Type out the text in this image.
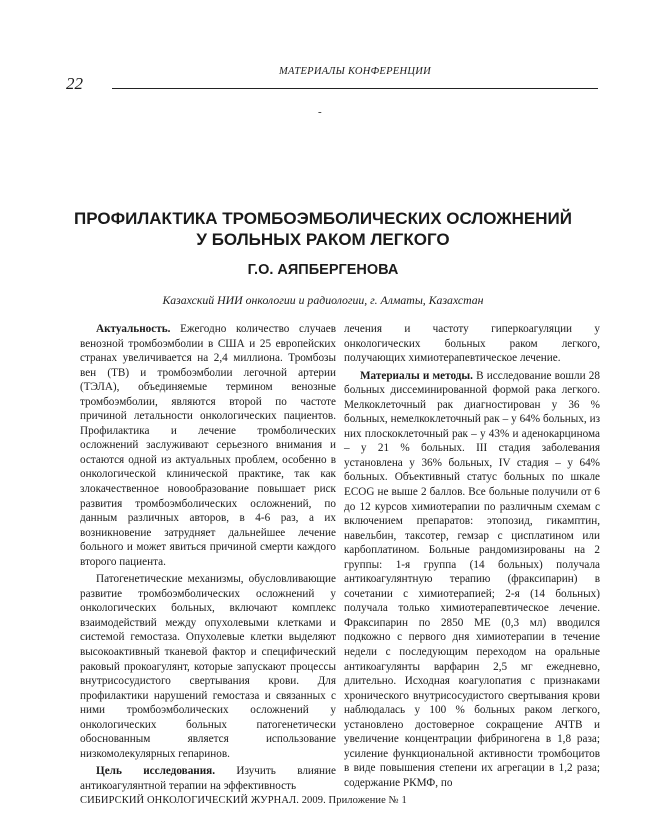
МАТЕРИАЛЫ КОНФЕРЕНЦИИ
22
-
ПРОФИЛАКТИКА ТРОМБОЭМБОЛИЧЕСКИХ ОСЛОЖНЕНИЙ
У БОЛЬНЫХ РАКОМ ЛЕГКОГО
Г.О. АЯПБЕРГЕНОВА
Казахский НИИ онкологии и радиологии, г. Алматы, Казахстан

Актуальность. Ежегодно количество случаев венозной тромбоэмболии в США и 25 европейских странах увеличивается на 2,4 миллиона. Тромбозы вен (ТВ) и тромбоэмболии легочной артерии (ТЭЛА), объединяемые термином венозные тромбоэмболии, являются второй по частоте причиной летальности онкологических пациентов. Профилактика и лечение тромболических осложнений заслуживают серьезного внимания и остаются одной из актуальных проблем, особенно в онкологической клинической практике, так как злокачественное новообразование повышает риск развития тромбоэмболических осложнений, по данным различных авторов, в 4-6 раз, а их возникновение затрудняет дальнейшее лечение больного и может явиться причиной смерти каждого второго пациента.

Патогенетические механизмы, обусловливающие развитие тромбоэмболических осложнений у онкологических больных, включают комплекс взаимодействий между опухолевыми клетками и системой гемостаза. Опухолевые клетки выделяют высокоактивный тканевой фактор и специфический раковый прокоагулянт, которые запускают процессы внутрисосудистого свертывания крови. Для профилактики нарушений гемостаза и связанных с ними тромбоэмболических осложнений у онкологических больных патогенетически обоснованным является использование низкомолекулярных гепаринов.

Цель исследования. Изучить влияние антикоагулянтной терапии на эффективность

лечения и частоту гиперкоагуляции у онкологических больных раком легкого, получающих химиотерапевтическое лечение.

Материалы и методы. В исследование вошли 28 больных диссеминированной формой рака легкого. Мелкоклеточный рак диагностирован у 36 % больных, немелкоклеточный рак – у 64% больных, из них плоскоклеточный рак – у 43% и аденокарцинома – у 21 % больных. III стадия заболевания установлена у 36% больных, IV стадия – у 64% больных. Объективный статус больных по шкале ECOG не выше 2 баллов. Все больные получили от 6 до 12 курсов химиотерапии по различным схемам с включением препаратов: этопозид, гикамптин, навельбин, таксотер, гемзар с цисплатином или карбоплатином. Больные рандомизированы на 2 группы: 1-я группа (14 больных) получала антикоагулянтную терапию (фраксипарин) в сочетании с химиотерапией; 2-я (14 больных) получала только химиотерапевтическое лечение. Фраксипарин по 2850 МЕ (0,3 мл) вводился подкожно с первого дня химиотерапии в течение недели с последующим переходом на оральные антикоагулянты варфарин 2,5 мг ежедневно, длительно. Исходная коагулопатия с признаками хронического внутрисосудистого свертывания крови наблюдалась у 100 % больных раком легкого, установлено достоверное сокращение АЧТВ и увеличение концентрации фибриногена в 1,8 раза; усиление функциональной активности тромбоцитов в виде повышения степени их агрегации в 1,2 раза; содержание РКМФ, по

СИБИРСКИЙ ОНКОЛОГИЧЕСКИЙ ЖУРНАЛ. 2009. Приложение № 1
